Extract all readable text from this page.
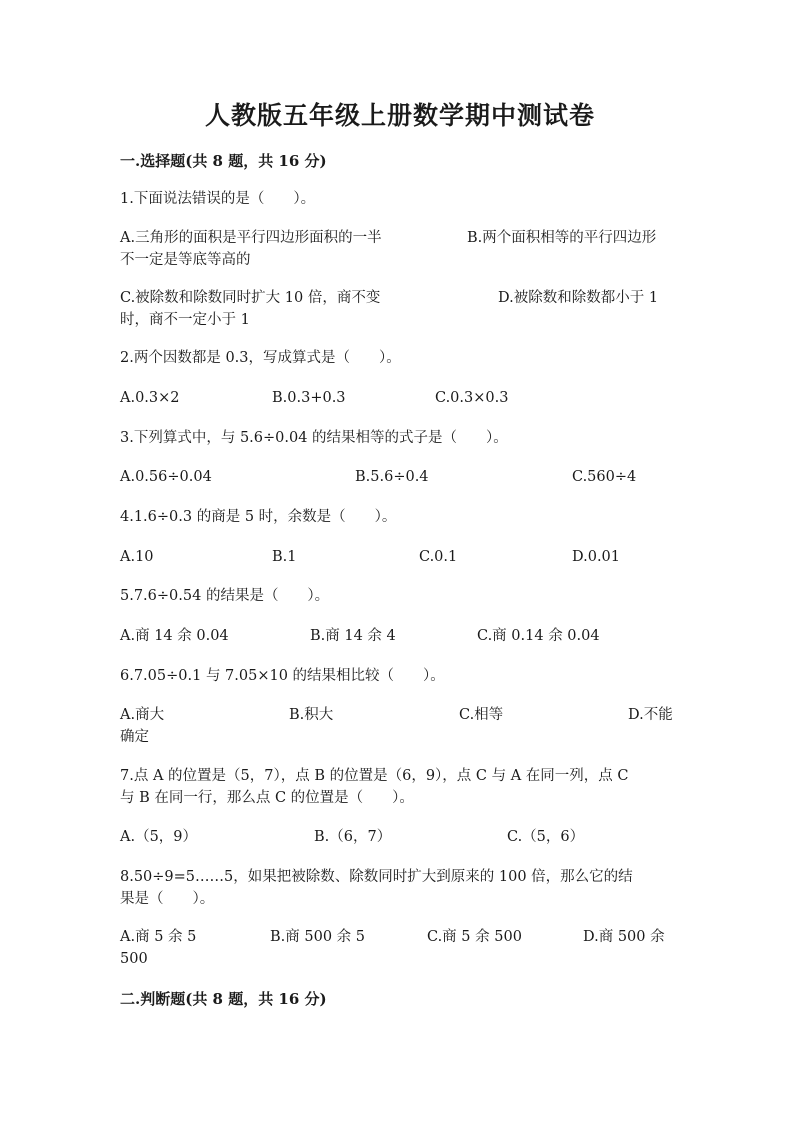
人教版五年级上册数学期中测试卷
一.选择题(共 8 题，共 16 分)
1.下面说法错误的是（　　）。
A.三角形的面积是平行四边形面积的一半	B.两个面积相等的平行四边形
不一定是等底等高的
C.被除数和除数同时扩大 10 倍，商不变	D.被除数和除数都小于 1
时，商不一定小于 1
2.两个因数都是 0.3，写成算式是（　　）。
A.0.3×2	B.0.3+0.3	C.0.3×0.3
3.下列算式中，与 5.6÷0.04 的结果相等的式子是（　　）。
A.0.56÷0.04	B.5.6÷0.4	C.560÷4
4.1.6÷0.3 的商是 5 时，余数是（　　）。
A.10	B.1	C.0.1	D.0.01
5.7.6÷0.54 的结果是（　　）。
A.商 14 余 0.04	B.商 14 余 4	C.商 0.14 余 0.04
6.7.05÷0.1 与 7.05×10 的结果相比较（　　）。
A.商大	B.积大	C.相等	D.不能
确定
7.点 A 的位置是（5，7），点 B 的位置是（6，9），点 C 与 A 在同一列，点 C
与 B 在同一行，那么点 C 的位置是（　　）。
A.（5，9）	B.（6，7）	C.（5，6）
8.50÷9=5……5，如果把被除数、除数同时扩大到原来的 100 倍，那么它的结
果是（　　）。
A.商 5 余 5	B.商 500 余 5	C.商 5 余 500	D.商 500 余
500
二.判断题(共 8 题，共 16 分)
